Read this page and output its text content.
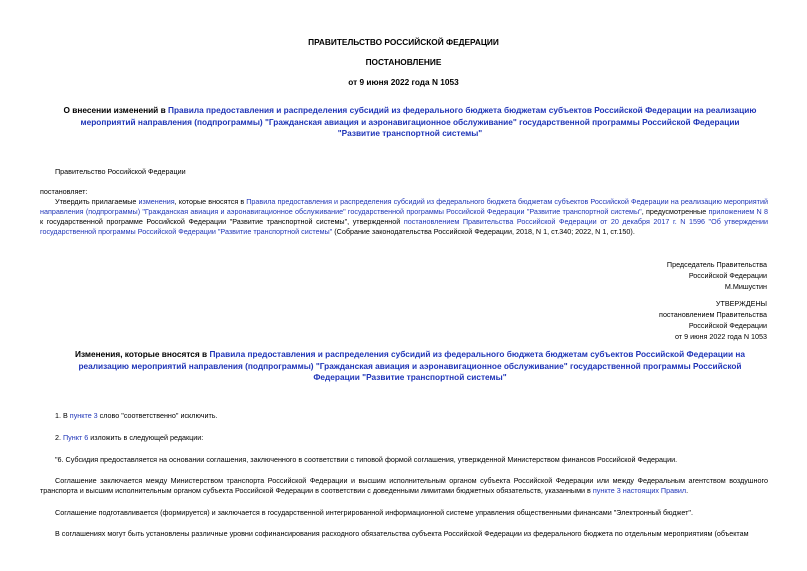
ПРАВИТЕЛЬСТВО РОССИЙСКОЙ ФЕДЕРАЦИИ
ПОСТАНОВЛЕНИЕ
от 9 июня 2022 года N 1053
О внесении изменений в Правила предоставления и распределения субсидий из федерального бюджета бюджетам субъектов Российской Федерации на реализацию мероприятий направления (подпрограммы) "Гражданская авиация и аэронавигационное обслуживание" государственной программы Российской Федерации "Развитие транспортной системы"
Правительство Российской Федерации
постановляет:
Утвердить прилагаемые изменения, которые вносятся в Правила предоставления и распределения субсидий из федерального бюджета бюджетам субъектов Российской Федерации на реализацию мероприятий направления (подпрограммы) "Гражданская авиация и аэронавигационное обслуживание" государственной программы Российской Федерации "Развитие транспортной системы", предусмотренные приложением N 8 к государственной программе Российской Федерации "Развитие транспортной системы", утвержденной постановлением Правительства Российской Федерации от 20 декабря 2017 г. N 1596 "Об утверждении государственной программы Российской Федерации "Развитие транспортной системы" (Собрание законодательства Российской Федерации, 2018, N 1, ст.340; 2022, N 1, ст.150).
Председатель Правительства
Российской Федерации
М.Мишустин
УТВЕРЖДЕНЫ
постановлением Правительства
Российской Федерации
от 9 июня 2022 года N 1053
Изменения, которые вносятся в Правила предоставления и распределения субсидий из федерального бюджета бюджетам субъектов Российской Федерации на реализацию мероприятий направления (подпрограммы) "Гражданская авиация и аэронавигационное обслуживание" государственной программы Российской Федерации "Развитие транспортной системы"
1. В пункте 3 слово "соответственно" исключить.
2. Пункт 6 изложить в следующей редакции:
"6. Субсидия предоставляется на основании соглашения, заключенного в соответствии с типовой формой соглашения, утвержденной Министерством финансов Российской Федерации.
Соглашение заключается между Министерством транспорта Российской Федерации и высшим исполнительным органом субъекта Российской Федерации или между Федеральным агентством воздушного транспорта и высшим исполнительным органом субъекта Российской Федерации в соответствии с доведенными лимитами бюджетных обязательств, указанными в пункте 3 настоящих Правил.
Соглашение подготавливается (формируется) и заключается в государственной интегрированной информационной системе управления общественными финансами "Электронный бюджет".
В соглашениях могут быть установлены различные уровни софинансирования расходного обязательства субъекта Российской Федерации из федерального бюджета по отдельным мероприятиям (объектам
